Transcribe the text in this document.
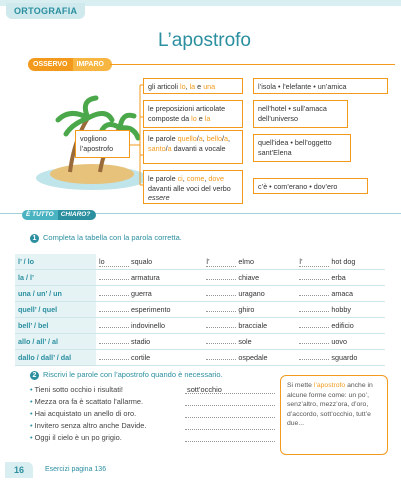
ORTOGRAFIA
L’apostrofo
OSSERVO	IMPARO
vogliono
l’apostrofo
gli articoli lo, la e una	l’isola • l’elefante • un’amica
le preposizioni articolate composte da lo e la
nell’hotel • sull’amaca dell’universo
le parole quello/a, bello/a, santo/a davanti a vocale
quell’idea • bell’oggetto sant’Elena
le parole ci, come, dove davanti alle voci del verbo essere
c’è • com’erano • dov’ero
È TUTTO	CHIARO?
1 Completa la tabella con la parola corretta.
l’ / lo	lo squalo	l’ elmo	l’ hot dog
la / l’	armatura	chiave	erba
una / un’ / un	guerra	uragano	amaca
quell’ / quel	esperimento	ghiro	hobby
bell’ / bel	indovinello	bracciale	edificio
allo / all’ / al	stadio	sole	uovo
dallo / dall’ / dal	cortile	ospedale	sguardo
2 Riscrivi le parole con l’apostrofo quando è necessario.
• Tieni sotto occhio i risultati!
• Mezza ora fa è scattato l’allarme.
• Hai acquistato un anello di oro.
• Invitero senza altro anche Davide.
• Oggi il cielo è un po grigio.
Si mette l’apostrofo anche in alcune forme come: un po’, senz’altro, mezz’ora, d’oro, d’accordo, sott’occhio, tutt’e due...
16	Esercizi pagina 136
sott’occhio
